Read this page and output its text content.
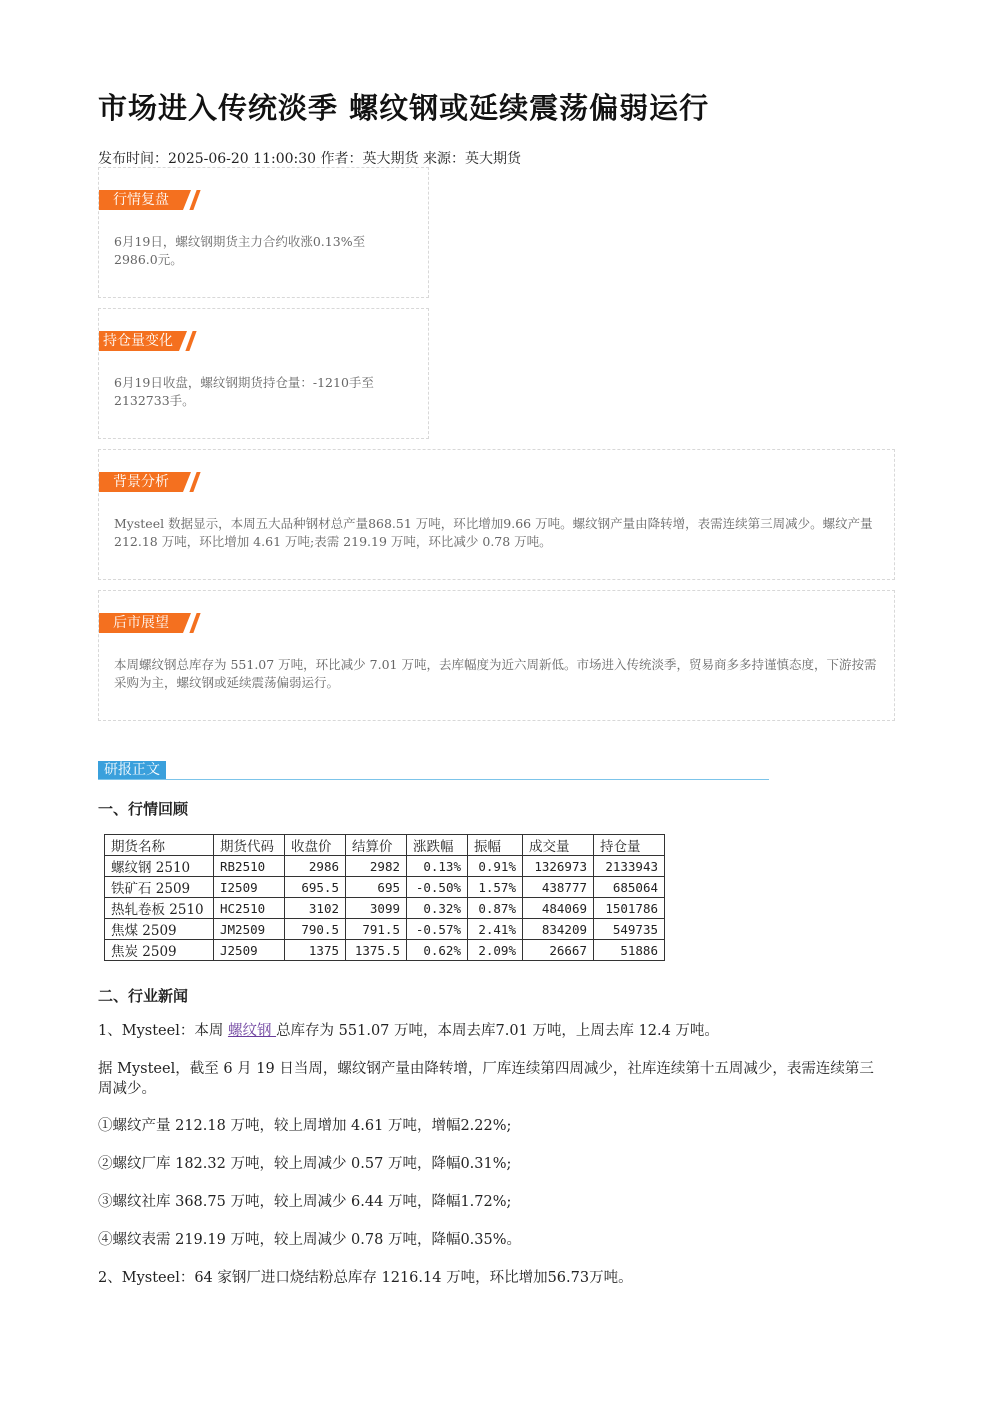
市场进入传统淡季 螺纹钢或延续震荡偏弱运行
发布时间：2025-06-20 11:00:30 作者：英大期货 来源：英大期货
行情复盘
6月19日，螺纹钢期货主力合约收涨0.13%至2986.0元。
持仓量变化
6月19日收盘，螺纹钢期货持仓量：-1210手至2132733手。
背景分析
Mysteel 数据显示，本周五大品种钢材总产量868.51 万吨，环比增加9.66 万吨。螺纹钢产量由降转增，表需连续第三周减少。螺纹产量212.18 万吨，环比增加 4.61 万吨;表需 219.19 万吨，环比减少 0.78 万吨。
后市展望
本周螺纹钢总库存为 551.07 万吨，环比减少 7.01 万吨，去库幅度为近六周新低。市场进入传统淡季，贸易商多多持谨慎态度，下游按需采购为主，螺纹钢或延续震荡偏弱运行。
研报正文
一、行情回顾
期货名称	期货代码	收盘价	结算价	涨跌幅	振幅	成交量	持仓量
螺纹钢 2510	RB2510	2986	2982	0.13%	0.91%	1326973	2133943
铁矿石 2509	I2509	695.5	695	-0.50%	1.57%	438777	685064
热轧卷板 2510	HC2510	3102	3099	0.32%	0.87%	484069	1501786
焦煤 2509	JM2509	790.5	791.5	-0.57%	2.41%	834209	549735
焦炭 2509	J2509	1375	1375.5	0.62%	2.09%	26667	51886
二、行业新闻
1、Mysteel：本周 螺纹钢 总库存为 551.07 万吨，本周去库7.01 万吨，上周去库 12.4 万吨。
据 Mysteel，截至 6 月 19 日当周，螺纹钢产量由降转增，厂库连续第四周减少，社库连续第十五周减少，表需连续第三周减少。
①螺纹产量 212.18 万吨，较上周增加 4.61 万吨，增幅2.22%;
②螺纹厂库 182.32 万吨，较上周减少 0.57 万吨，降幅0.31%;
③螺纹社库 368.75 万吨，较上周减少 6.44 万吨，降幅1.72%;
④螺纹表需 219.19 万吨，较上周减少 0.78 万吨，降幅0.35%。
2、Mysteel：64 家钢厂进口烧结粉总库存 1216.14 万吨，环比增加56.73万吨。
